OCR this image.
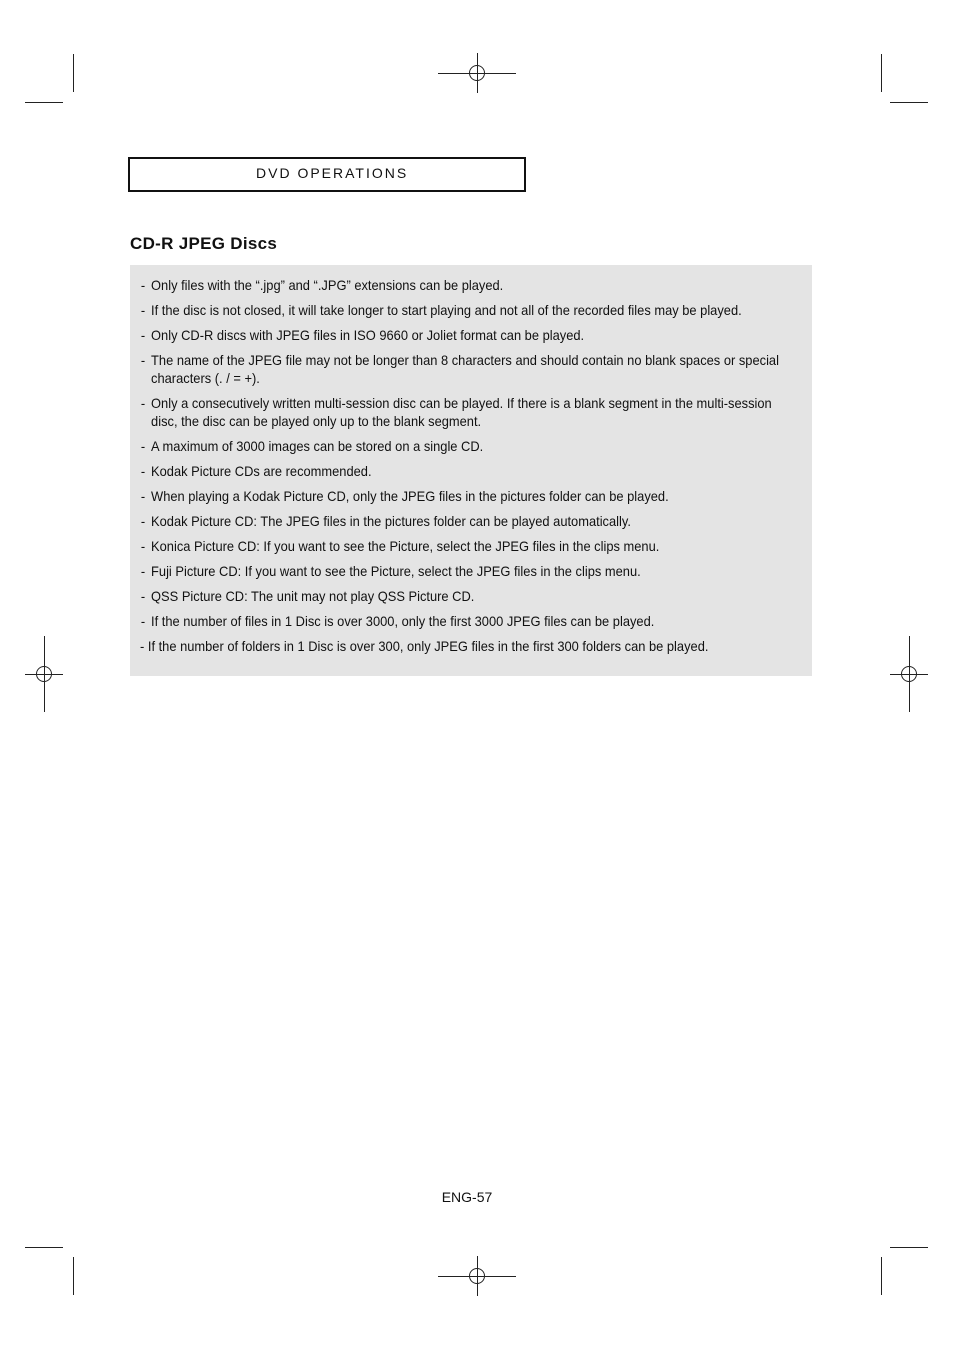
DVD OPERATIONS
CD-R JPEG Discs
- Only files with the “.jpg” and “.JPG” extensions can be played.
- If the disc is not closed, it will take longer to start playing and not all of the recorded files may be played.
- Only CD-R discs with JPEG files in ISO 9660 or Joliet format can be played.
- The name of the JPEG file may not be longer than 8 characters and should contain no blank spaces or special characters (. / = +).
- Only a consecutively written multi-session disc can be played. If there is a blank segment in the multi-session disc, the disc can be played only up to the blank segment.
- A maximum of 3000 images can be stored on a single CD.
- Kodak Picture CDs are recommended.
- When playing a Kodak Picture CD, only the JPEG files in the pictures folder can be played.
- Kodak Picture CD: The JPEG files in the pictures folder can be played automatically.
- Konica Picture CD: If you want to see the Picture, select the JPEG files in the clips menu.
- Fuji Picture CD: If you want to see the Picture, select the JPEG files in the clips menu.
- QSS Picture CD: The unit may not play QSS Picture CD.
- If the number of files in 1 Disc is over 3000, only the first 3000 JPEG files can be played.
- If the number of folders in 1 Disc is over 300, only JPEG files in the first 300 folders can be played.
ENG-57
